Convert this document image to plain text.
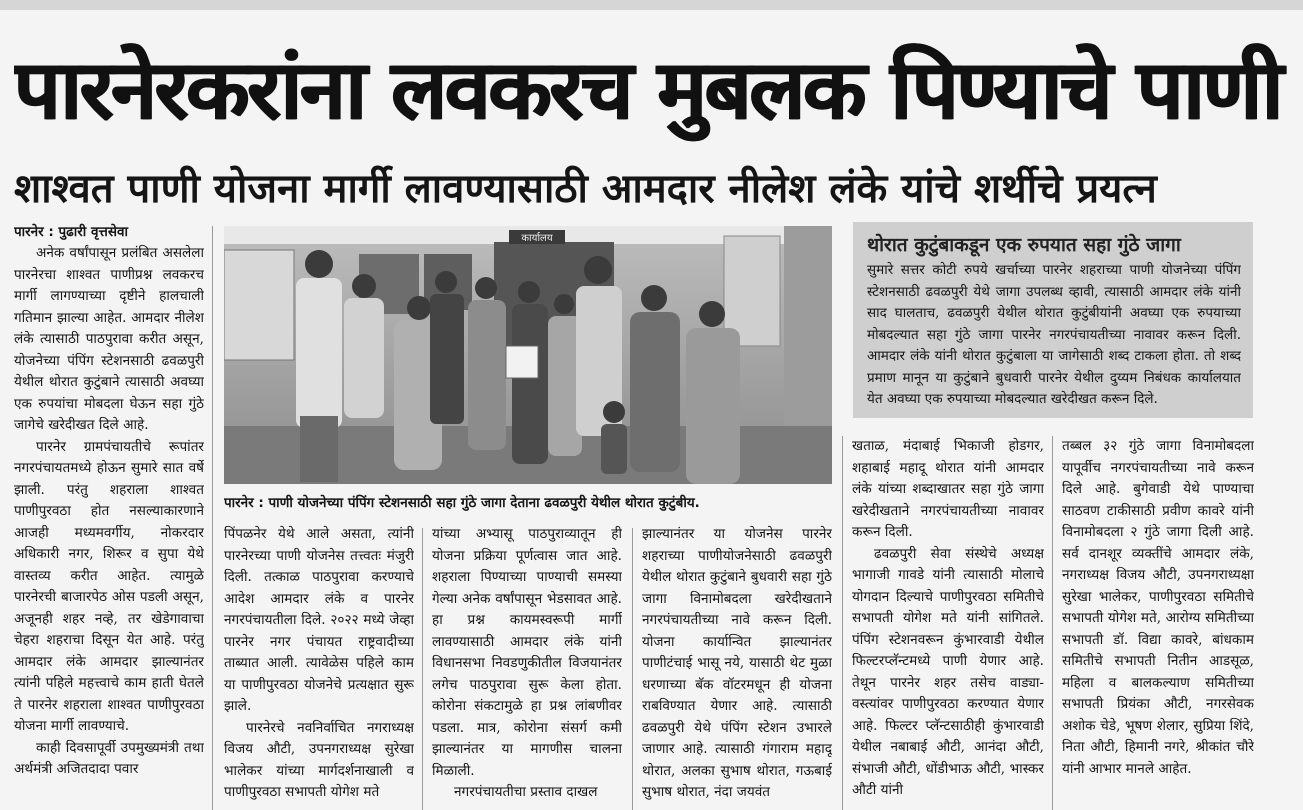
पारनेरकरांना लवकरच मुबलक पिण्याचे पाणी
शाश्वत पाणी योजना मार्गी लावण्यासाठी आमदार नीलेश लंके यांचे शर्थीचे प्रयत्न
पारनेर : पुढारी वृत्तसेवा

अनेक वर्षांपासून प्रलंबित असलेला पारनेरचा शाश्वत पाणीप्रश्न लवकरच मार्गी लागण्याच्या दृष्टीने हालचाली गतिमान झाल्या आहेत. आमदार नीलेश लंके त्यासाठी पाठपुरावा करीत असून, योजनेच्या पंपिंग स्टेशनसाठी ढवळपुरी येथील थोरात कुटुंबाने त्यासाठी अवघ्या एक रुपयांचा मोबदला घेऊन सहा गुंठे जागेचे खरेदीखत दिले आहे.

पारनेर ग्रामपंचायतीचे रूपांतर नगरपंचायतमध्ये होऊन सुमारे सात वर्षे झाली. परंतु शहराला शाश्वत पाणीपुरवठा होत नसल्याकारणाने आजही मध्यमवर्गीय, नोकरदार अधिकारी नगर, शिरूर व सुपा येथे वास्तव्य करीत आहेत. त्यामुळे पारनेरची बाजारपेठ ओस पडली असून, अजूनही शहर नव्हे, तर खेडेगावाचा चेहरा शहराचा दिसून येत आहे. परंतु आमदार लंके आमदार झाल्यानंतर त्यांनी पहिले महत्त्वाचे काम हाती घेतले ते पारनेर शहराला शाश्वत पाणीपुरवठा योजना मार्गी लावण्याचे.

काही दिवसापूर्वी उपमुख्यमंत्री तथा अर्थमंत्री अजितदादा पवार

कार्यालय
पारनेर : पाणी योजनेच्या पंपिंग स्टेशनसाठी सहा गुंठे जागा देताना ढवळपुरी येथील थोरात कुटुंबीय.
थोरात कुटुंबाकडून एक रुपयात सहा गुंठे जागा

सुमारे सत्तर कोटी रुपये खर्चाच्या पारनेर शहराच्या पाणी योजनेच्या पंपिंग स्टेशनसाठी ढवळपुरी येथे जागा उपलब्ध व्हावी, त्यासाठी आमदार लंके यांनी साद घालताच, ढवळपुरी येथील थोरात कुटुंबीयांनी अवघ्या एक रुपयाच्या मोबदल्यात सहा गुंठे जागा पारनेर नगरपंचायतीच्या नावावर करून दिली. आमदार लंके यांनी थोरात कुटुंबाला या जागेसाठी शब्द टाकला होता. तो शब्द प्रमाण मानून या कुटुंबाने बुधवारी पारनेर येथील दुय्यम निबंधक कार्यालयात येत अवघ्या एक रुपयाच्या मोबदल्यात खरेदीखत करून दिले.

पिंपळनेर येथे आले असता, त्यांनी पारनेरच्या पाणी योजनेस तत्त्वतः मंजुरी दिली. तत्काळ पाठपुरावा करण्याचे आदेश आमदार लंके व पारनेर नगरपंचायतीला दिले. २०२२ मध्ये जेव्हा पारनेर नगर पंचायत राष्ट्रवादीच्या ताब्यात आली. त्यावेळेस पहिले काम या पाणीपुरवठा योजनेचे प्रत्यक्षात सुरू झाले.

पारनेरचे नवनिर्वाचित नगराध्यक्ष विजय औटी, उपनगराध्यक्ष सुरेखा भालेकर यांच्या मार्गदर्शनाखाली व पाणीपुरवठा सभापती योगेश मते

यांच्या अभ्यासू पाठपुराव्यातून ही योजना प्रक्रिया पूर्णत्वास जात आहे. शहराला पिण्याच्या पाण्याची समस्या गेल्या अनेक वर्षांपासून भेडसावत आहे. हा प्रश्न कायमस्वरूपी मार्गी लावण्यासाठी आमदार लंके यांनी विधानसभा निवडणुकीतील विजयानंतर लगेच पाठपुरावा सुरू केला होता. कोरोना संकटामुळे हा प्रश्न लांबणीवर पडला. मात्र, कोरोना संसर्ग कमी झाल्यानंतर या मागणीस चालना मिळाली.

नगरपंचायतीचा प्रस्ताव दाखल

झाल्यानंतर या योजनेस पारनेर शहराच्या पाणीयोजनेसाठी ढवळपुरी येथील थोरात कुटुंबाने बुधवारी सहा गुंठे जागा विनामोबदला खरेदीखताने नगरपंचायतीच्या नावे करून दिली. योजना कार्यान्वित झाल्यानंतर पाणीटंचाई भासू नये, यासाठी थेट मुळा धरणाच्या बॅक वॉटरमधून ही योजना राबविण्यात येणार आहे. त्यासाठी ढवळपुरी येथे पंपिंग स्टेशन उभारले जाणार आहे. त्यासाठी गंगाराम महादू थोरात, अलका सुभाष थोरात, गऊबाई सुभाष थोरात, नंदा जयवंत

खताळ, मंदाबाई भिकाजी होडगर, शहाबाई महादू थोरात यांनी आमदार लंके यांच्या शब्दाखातर सहा गुंठे जागा खरेदीखताने नगरपंचायतीच्या नावावर करून दिली.

ढवळपुरी सेवा संस्थेचे अध्यक्ष भागाजी गावडे यांनी त्यासाठी मोलाचे योगदान दिल्याचे पाणीपुरवठा समितीचे सभापती योगेश मते यांनी सांगितले. पंपिंग स्टेशनवरून कुंभारवाडी येथील फिल्टरप्लॅन्टमध्ये पाणी येणार आहे. तेथून पारनेर शहर तसेच वाड्या-वस्त्यांवर पाणीपुरवठा करण्यात येणार आहे. फिल्टर प्लॅन्टसाठीही कुंभारवाडी येथील नबाबाई औटी, आनंदा औटी, संभाजी औटी, धोंडीभाऊ औटी, भास्कर औटी यांनी

तब्बल ३२ गुंठे जागा विनामोबदला यापूर्वीच नगरपंचायतीच्या नावे करून दिले आहे. बुगेवाडी येथे पाण्याचा साठवण टाकीसाठी प्रवीण कावरे यांनी विनामोबदला २ गुंठे जागा दिली आहे. सर्व दानशूर व्यक्तींचे आमदार लंके, नगराध्यक्ष विजय औटी, उपनगराध्यक्षा सुरेखा भालेकर, पाणीपुरवठा समितीचे सभापती योगेश मते, आरोग्य समितीच्या सभापती डॉ. विद्या कावरे, बांधकाम समितीचे सभापती नितीन आडसूळ, महिला व बालकल्याण समितीच्या सभापती प्रियंका औटी, नगरसेवक अशोक चेडे, भूषण शेलार, सुप्रिया शिंदे, निता औटी, हिमानी नगरे, श्रीकांत चौरे यांनी आभार मानले आहेत.
